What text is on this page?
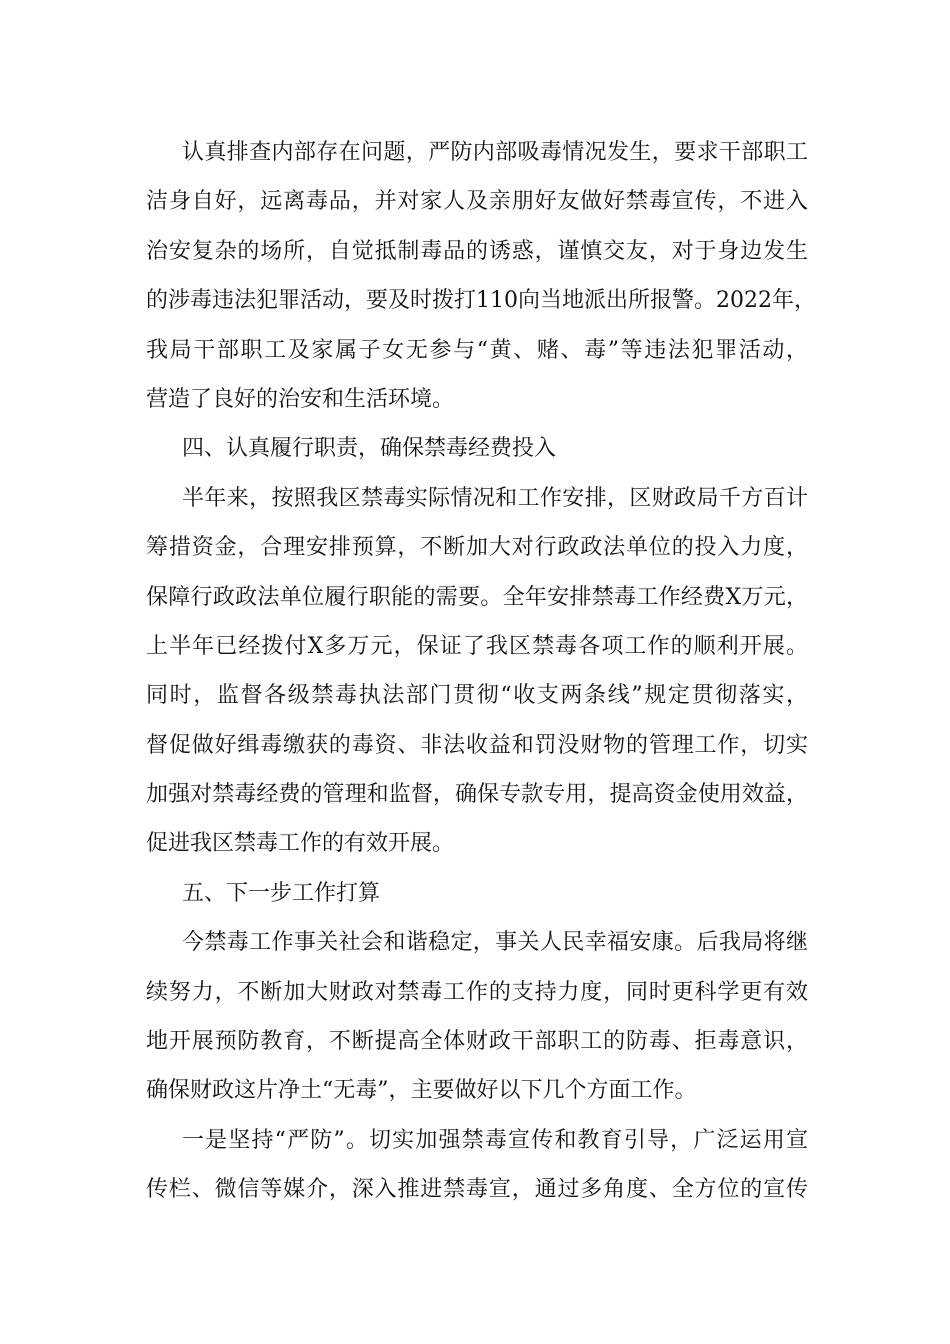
认真排查内部存在问题，严防内部吸毒情况发生，要求干部职工
洁身自好，远离毒品，并对家人及亲朋好友做好禁毒宣传，不进入
治安复杂的场所，自觉抵制毒品的诱惑，谨慎交友，对于身边发生
的涉毒违法犯罪活动，要及时拨打110向当地派出所报警。2022年，
我局干部职工及家属子女无参与“黄、赌、毒”等违法犯罪活动，
营造了良好的治安和生活环境。
四、认真履行职责，确保禁毒经费投入
半年来，按照我区禁毒实际情况和工作安排，区财政局千方百计
筹措资金，合理安排预算，不断加大对行政政法单位的投入力度，
保障行政政法单位履行职能的需要。全年安排禁毒工作经费X万元，
上半年已经拨付X多万元，保证了我区禁毒各项工作的顺利开展。
同时，监督各级禁毒执法部门贯彻“收支两条线”规定贯彻落实，
督促做好缉毒缴获的毒资、非法收益和罚没财物的管理工作，切实
加强对禁毒经费的管理和监督，确保专款专用，提高资金使用效益，
促进我区禁毒工作的有效开展。
五、下一步工作打算
今禁毒工作事关社会和谐稳定，事关人民幸福安康。后我局将继
续努力，不断加大财政对禁毒工作的支持力度，同时更科学更有效
地开展预防教育，不断提高全体财政干部职工的防毒、拒毒意识，
确保财政这片净土“无毒”，主要做好以下几个方面工作。
一是坚持“严防”。切实加强禁毒宣传和教育引导，广泛运用宣
传栏、微信等媒介，深入推进禁毒宣，通过多角度、全方位的宣传
